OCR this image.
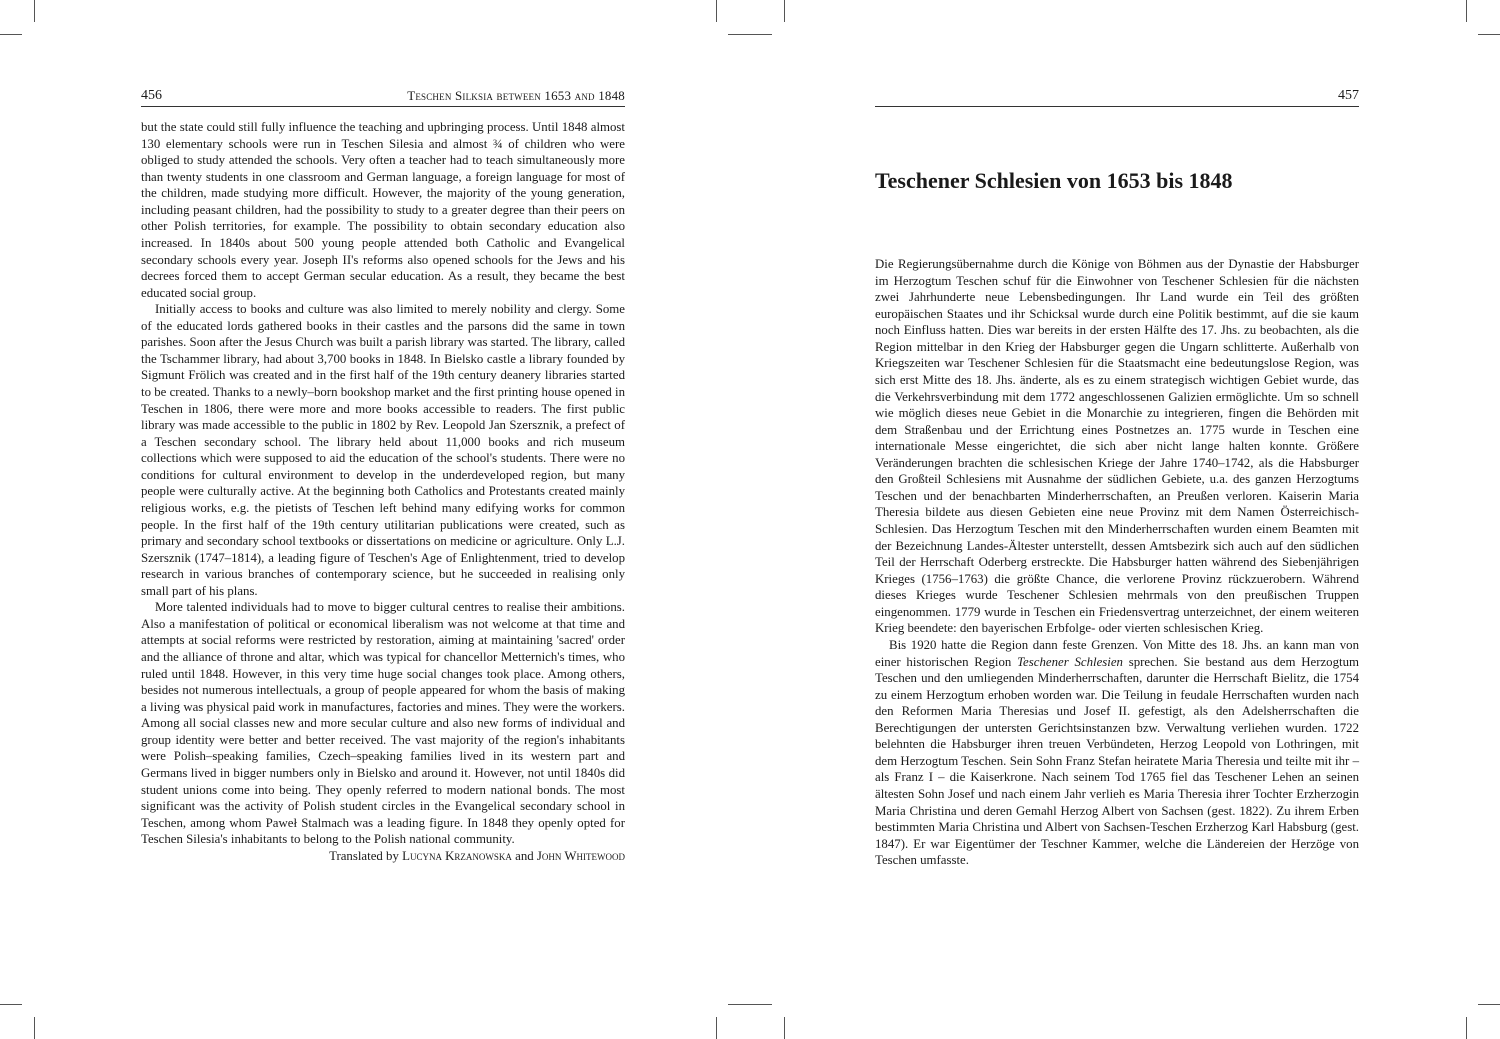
456	Teschen Silksia between 1653 and 1848

but the state could still fully influence the teaching and upbringing process. Until 1848 almost 130 elementary schools were run in Teschen Silesia and almost ¾ of children who were obliged to study attended the schools. Very often a teacher had to teach simultaneously more than twenty students in one classroom and German language, a foreign language for most of the children, made studying more difficult. However, the majority of the young generation, including peasant children, had the possibility to study to a greater degree than their peers on other Polish territories, for example. The possibility to obtain secondary education also increased. In 1840s about 500 young people attended both Catholic and Evangelical secondary schools every year. Joseph II's reforms also opened schools for the Jews and his decrees forced them to accept German secular education. As a result, they became the best educated social group.

Initially access to books and culture was also limited to merely nobility and clergy. Some of the educated lords gathered books in their castles and the parsons did the same in town parishes. Soon after the Jesus Church was built a parish library was started. The library, called the Tschammer library, had about 3,700 books in 1848. In Bielsko castle a library founded by Sigmunt Frölich was created and in the first half of the 19th century deanery libraries started to be created. Thanks to a newly–born bookshop market and the first printing house opened in Teschen in 1806, there were more and more books accessible to readers. The first public library was made accessible to the public in 1802 by Rev. Leopold Jan Szersznik, a prefect of a Teschen secondary school. The library held about 11,000 books and rich museum collections which were supposed to aid the education of the school's students. There were no conditions for cultural environment to develop in the underdeveloped region, but many people were culturally active. At the beginning both Catholics and Protestants created mainly religious works, e.g. the pietists of Teschen left behind many edifying works for common people. In the first half of the 19th century utilitarian publications were created, such as primary and secondary school textbooks or dissertations on medicine or agriculture. Only L.J. Szersznik (1747–1814), a leading figure of Teschen's Age of Enlightenment, tried to develop research in various branches of contemporary science, but he succeeded in realising only small part of his plans.

More talented individuals had to move to bigger cultural centres to realise their ambitions. Also a manifestation of political or economical liberalism was not welcome at that time and attempts at social reforms were restricted by restoration, aiming at maintaining 'sacred' order and the alliance of throne and altar, which was typical for chancellor Metternich's times, who ruled until 1848. However, in this very time huge social changes took place. Among others, besides not numerous intellectuals, a group of people appeared for whom the basis of making a living was physical paid work in manufactures, factories and mines. They were the workers. Among all social classes new and more secular culture and also new forms of individual and group identity were better and better received. The vast majority of the region's inhabitants were Polish–speaking families, Czech–speaking families lived in its western part and Germans lived in bigger numbers only in Bielsko and around it. However, not until 1840s did student unions come into being. They openly referred to modern national bonds. The most significant was the activity of Polish student circles in the Evangelical secondary school in Teschen, among whom Paweł Stalmach was a leading figure. In 1848 they openly opted for Teschen Silesia's inhabitants to belong to the Polish national community.

Translated by Lucyna Krzanowska and John Whitewood
457
Teschener Schlesien von 1653 bis 1848

Die Regierungsübernahme durch die Könige von Böhmen aus der Dynastie der Habsburger im Herzogtum Teschen schuf für die Einwohner von Teschener Schlesien für die nächsten zwei Jahrhunderte neue Lebensbedingungen. Ihr Land wurde ein Teil des größten europäischen Staates und ihr Schicksal wurde durch eine Politik bestimmt, auf die sie kaum noch Einfluss hatten. Dies war bereits in der ersten Hälfte des 17. Jhs. zu beobachten, als die Region mittelbar in den Krieg der Habsburger gegen die Ungarn schlitterte. Außerhalb von Kriegszeiten war Teschener Schlesien für die Staatsmacht eine bedeutungslose Region, was sich erst Mitte des 18. Jhs. änderte, als es zu einem strategisch wichtigen Gebiet wurde, das die Verkehrsverbindung mit dem 1772 angeschlossenen Galizien ermöglichte. Um so schnell wie möglich dieses neue Gebiet in die Monarchie zu integrieren, fingen die Behörden mit dem Straßenbau und der Errichtung eines Postnetzes an. 1775 wurde in Teschen eine internationale Messe eingerichtet, die sich aber nicht lange halten konnte. Größere Veränderungen brachten die schlesischen Kriege der Jahre 1740–1742, als die Habsburger den Großteil Schlesiens mit Ausnahme der südlichen Gebiete, u.a. des ganzen Herzogtums Teschen und der benachbarten Minderherrschaften, an Preußen verloren. Kaiserin Maria Theresia bildete aus diesen Gebieten eine neue Provinz mit dem Namen Österreichisch-Schlesien. Das Herzogtum Teschen mit den Minderherrschaften wurden einem Beamten mit der Bezeichnung Landes-Ältester unterstellt, dessen Amtsbezirk sich auch auf den südlichen Teil der Herrschaft Oderberg erstreckte. Die Habsburger hatten während des Siebenjährigen Krieges (1756–1763) die größte Chance, die verlorene Provinz rückzuerobern. Während dieses Krieges wurde Teschener Schlesien mehrmals von den preußischen Truppen eingenommen. 1779 wurde in Teschen ein Friedensvertrag unterzeichnet, der einem weiteren Krieg beendete: den bayerischen Erbfolge- oder vierten schlesischen Krieg.

Bis 1920 hatte die Region dann feste Grenzen. Von Mitte des 18. Jhs. an kann man von einer historischen Region Teschener Schlesien sprechen. Sie bestand aus dem Herzogtum Teschen und den umliegenden Minderherrschaften, darunter die Herrschaft Bielitz, die 1754 zu einem Herzogtum erhoben worden war. Die Teilung in feudale Herrschaften wurden nach den Reformen Maria Theresias und Josef II. gefestigt, als den Adelsherrschaften die Berechtigungen der untersten Gerichtsinstanzen bzw. Verwaltung verliehen wurden. 1722 belehnten die Habsburger ihren treuen Verbündeten, Herzog Leopold von Lothringen, mit dem Herzogtum Teschen. Sein Sohn Franz Stefan heiratete Maria Theresia und teilte mit ihr – als Franz I – die Kaiserkrone. Nach seinem Tod 1765 fiel das Teschener Lehen an seinen ältesten Sohn Josef und nach einem Jahr verlieh es Maria Theresia ihrer Tochter Erzherzogin Maria Christina und deren Gemahl Herzog Albert von Sachsen (gest. 1822). Zu ihrem Erben bestimmten Maria Christina und Albert von Sachsen-Teschen Erzherzog Karl Habsburg (gest. 1847). Er war Eigentümer der Teschner Kammer, welche die Ländereien der Herzöge von Teschen umfasste.
